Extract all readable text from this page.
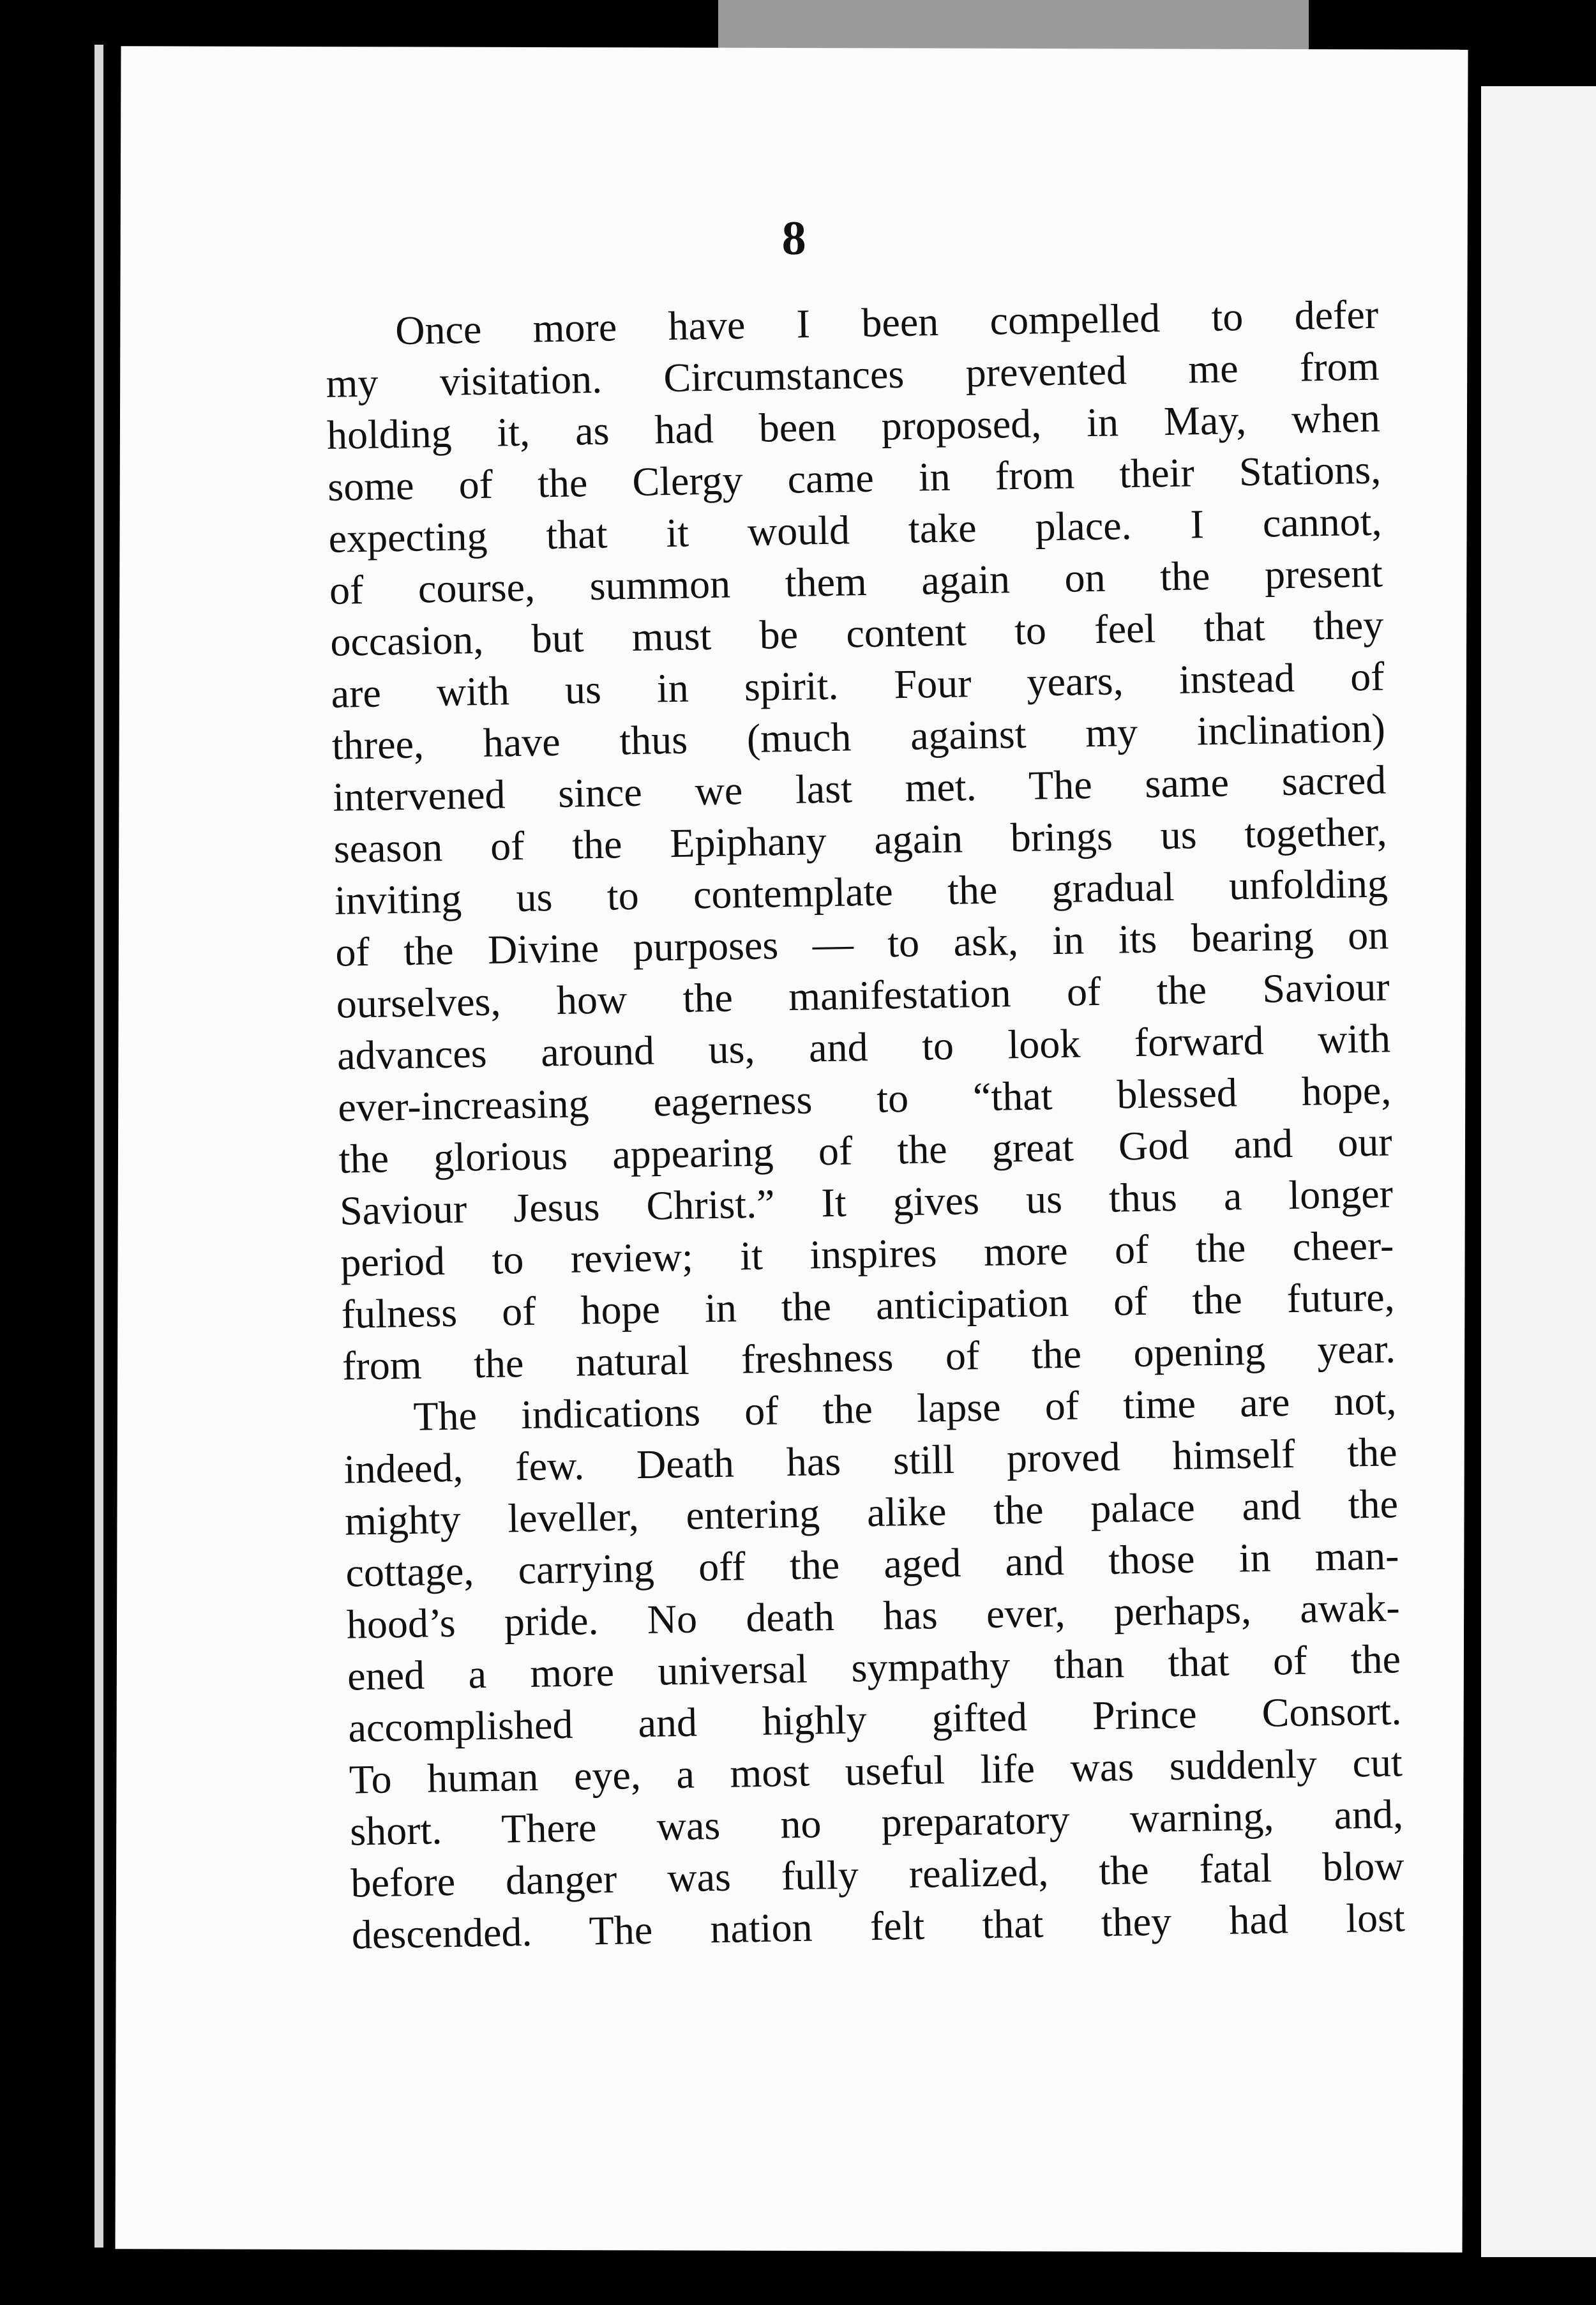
8
Once more have I been compelled to defer
my visitation. Circumstances prevented me from
holding it, as had been proposed, in May, when
some of the Clergy came in from their Stations,
expecting that it would take place. I cannot,
of course, summon them again on the present
occasion, but must be content to feel that they
are with us in spirit. Four years, instead of
three, have thus (much against my inclination)
intervened since we last met. The same sacred
season of the Epiphany again brings us together,
inviting us to contemplate the gradual unfolding
of the Divine purposes — to ask, in its bearing on
ourselves, how the manifestation of the Saviour
advances around us, and to look forward with
ever-increasing eagerness to “that blessed hope,
the glorious appearing of the great God and our
Saviour Jesus Christ.” It gives us thus a longer
period to review; it inspires more of the cheer-
fulness of hope in the anticipation of the future,
from the natural freshness of the opening year.
The indications of the lapse of time are not,
indeed, few. Death has still proved himself the
mighty leveller, entering alike the palace and the
cottage, carrying off the aged and those in man-
hood’s pride. No death has ever, perhaps, awak-
ened a more universal sympathy than that of the
accomplished and highly gifted Prince Consort.
To human eye, a most useful life was suddenly cut
short. There was no preparatory warning, and,
before danger was fully realized, the fatal blow
descended. The nation felt that they had lost
